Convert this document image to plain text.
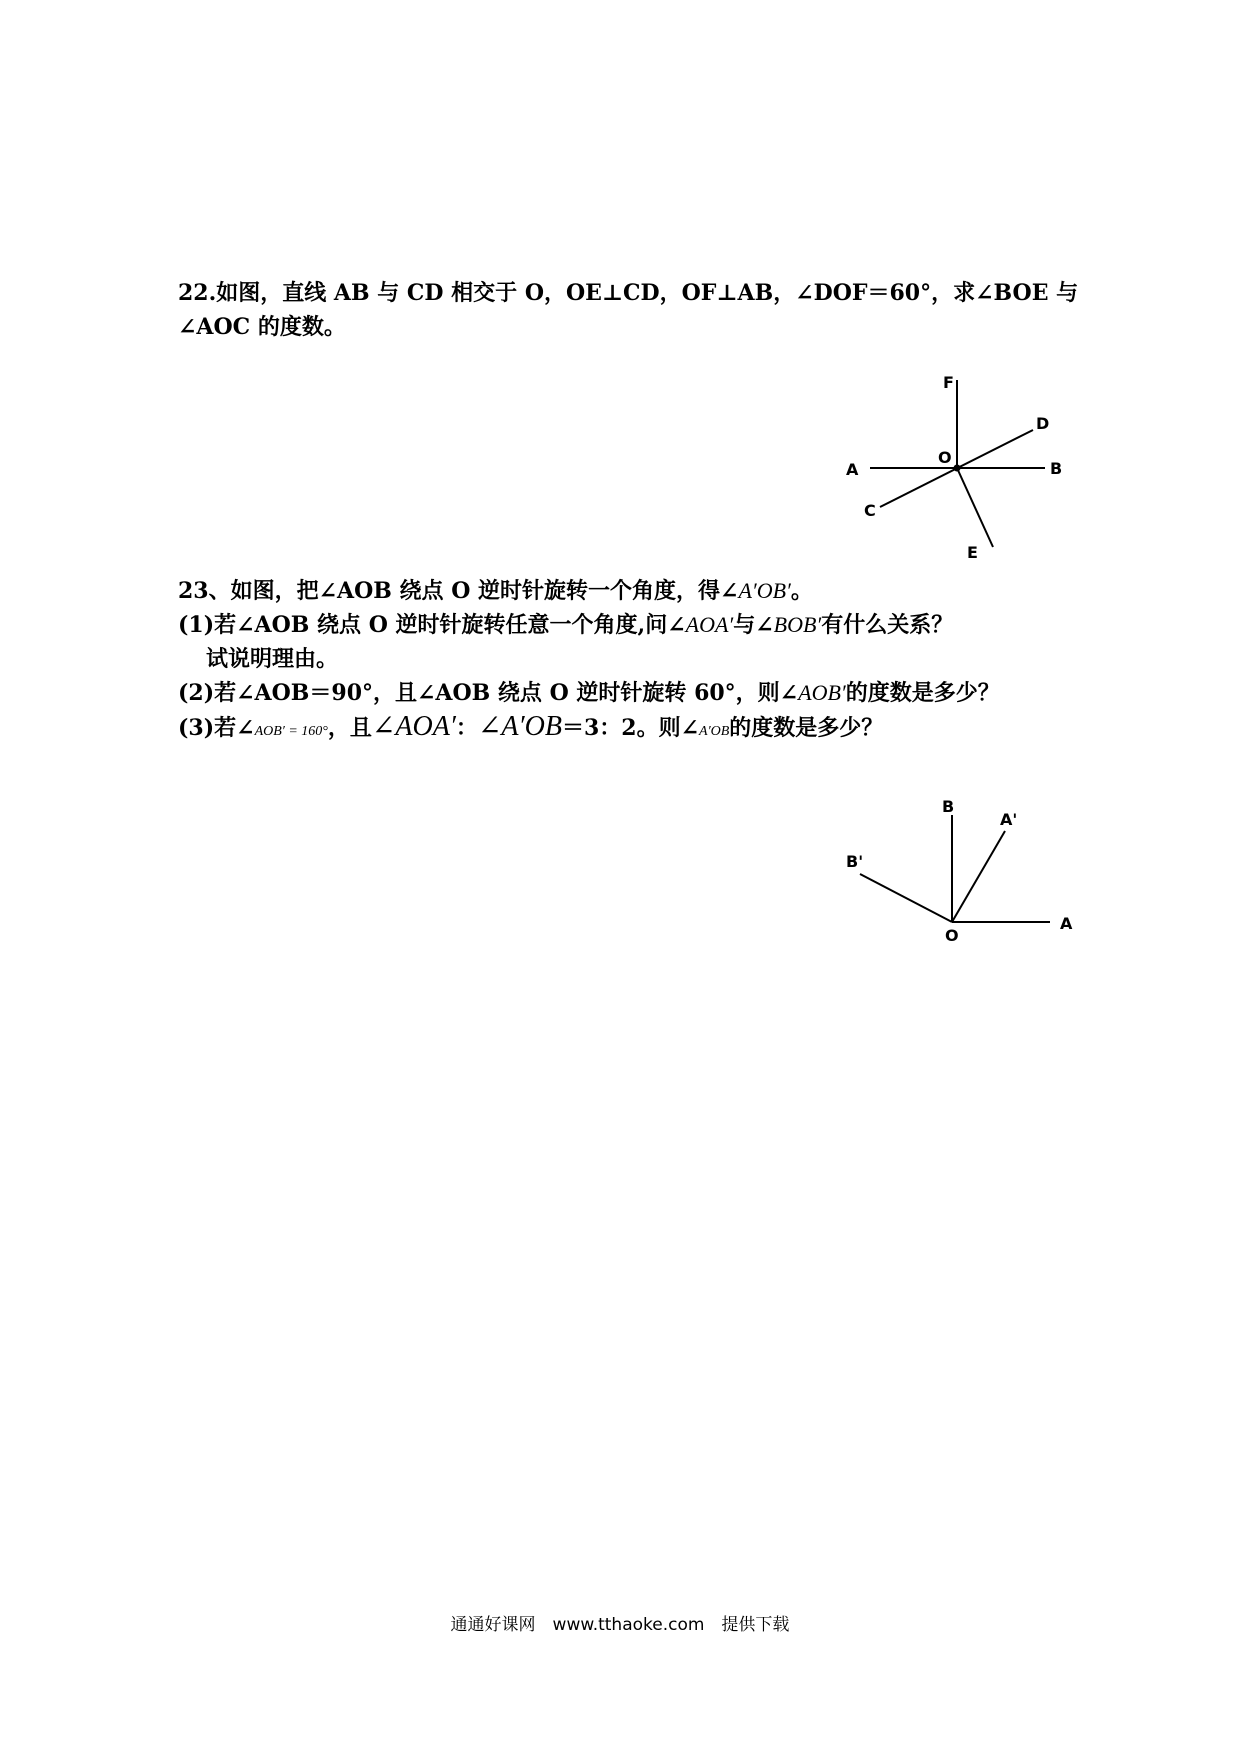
22.如图，直线 AB 与 CD 相交于 O，OE⊥CD，OF⊥AB，∠DOF＝60°，求∠BOE 与
∠AOC 的度数。
F
D
A
O
B
C
E
23、如图，把∠AOB 绕点 O 逆时针旋转一个角度，得∠A′OB′。
(1)若∠AOB 绕点 O 逆时针旋转任意一个角度,问∠AOA′与∠BOB′有什么关系？
试说明理由。
(2)若∠AOB＝90°，且∠AOB 绕点 O 逆时针旋转 60°，则∠AOB′的度数是多少？
(3)若∠AOB′ = 160°，且∠AOA′：∠A′OB＝3：2。则∠A′OB的度数是多少？
B
A'
B'
O
A
通通好课网　www.tthaoke.com　提供下载
